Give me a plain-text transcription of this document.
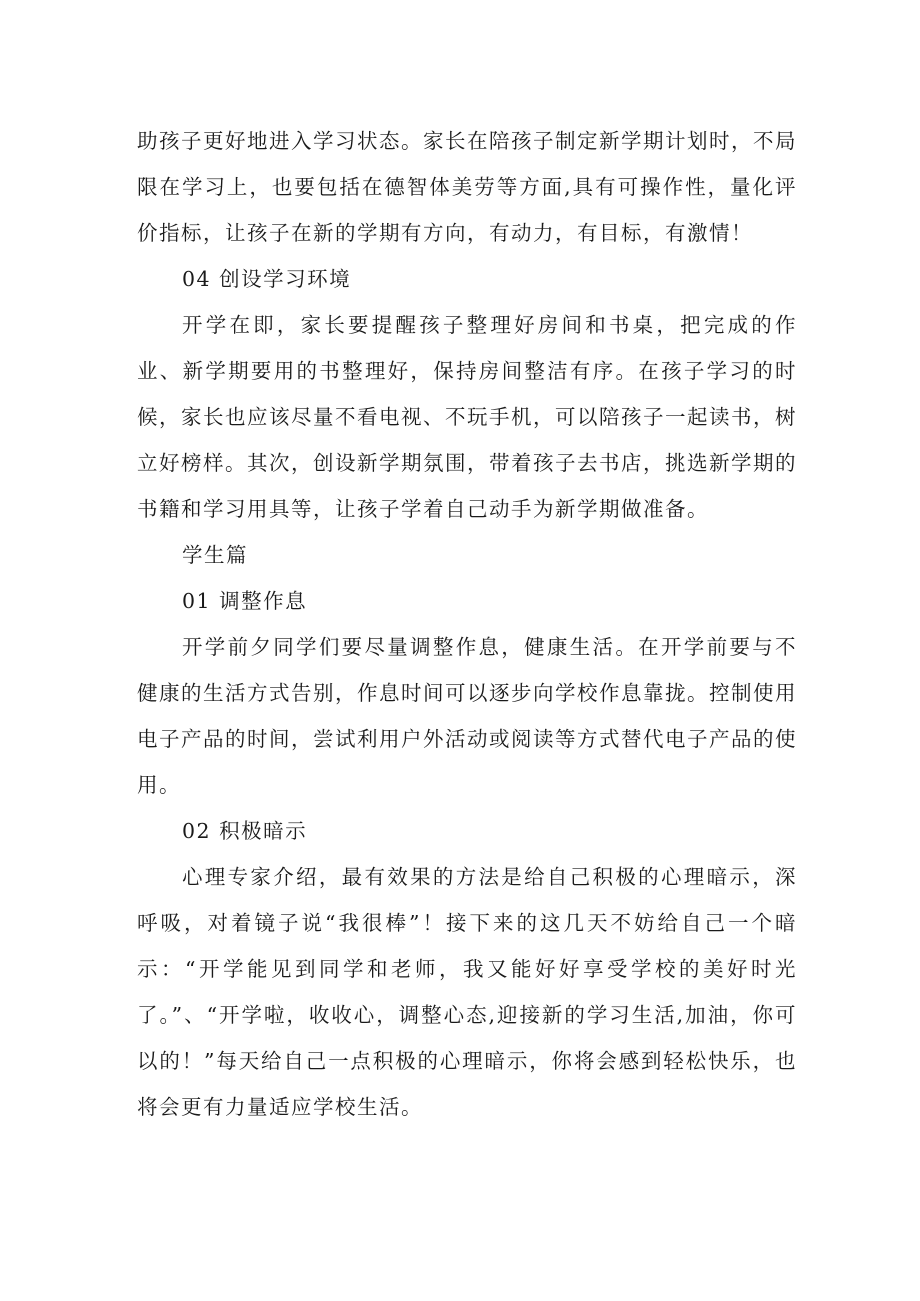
助孩子更好地进入学习状态。家长在陪孩子制定新学期计划时，不局限在学习上，也要包括在德智体美劳等方面,具有可操作性，量化评价指标，让孩子在新的学期有方向，有动力，有目标，有激情！

04 创设学习环境

开学在即，家长要提醒孩子整理好房间和书桌，把完成的作业、新学期要用的书整理好，保持房间整洁有序。在孩子学习的时候，家长也应该尽量不看电视、不玩手机，可以陪孩子一起读书，树立好榜样。其次，创设新学期氛围，带着孩子去书店，挑选新学期的书籍和学习用具等，让孩子学着自己动手为新学期做准备。

学生篇

01 调整作息

开学前夕同学们要尽量调整作息，健康生活。在开学前要与不健康的生活方式告别，作息时间可以逐步向学校作息靠拢。控制使用电子产品的时间，尝试利用户外活动或阅读等方式替代电子产品的使用。

02 积极暗示

心理专家介绍，最有效果的方法是给自己积极的心理暗示，深呼吸，对着镜子说“我很棒”！接下来的这几天不妨给自己一个暗示：“开学能见到同学和老师，我又能好好享受学校的美好时光了。”、“开学啦，收收心，调整心态,迎接新的学习生活,加油，你可以的！”每天给自己一点积极的心理暗示，你将会感到轻松快乐，也将会更有力量适应学校生活。
